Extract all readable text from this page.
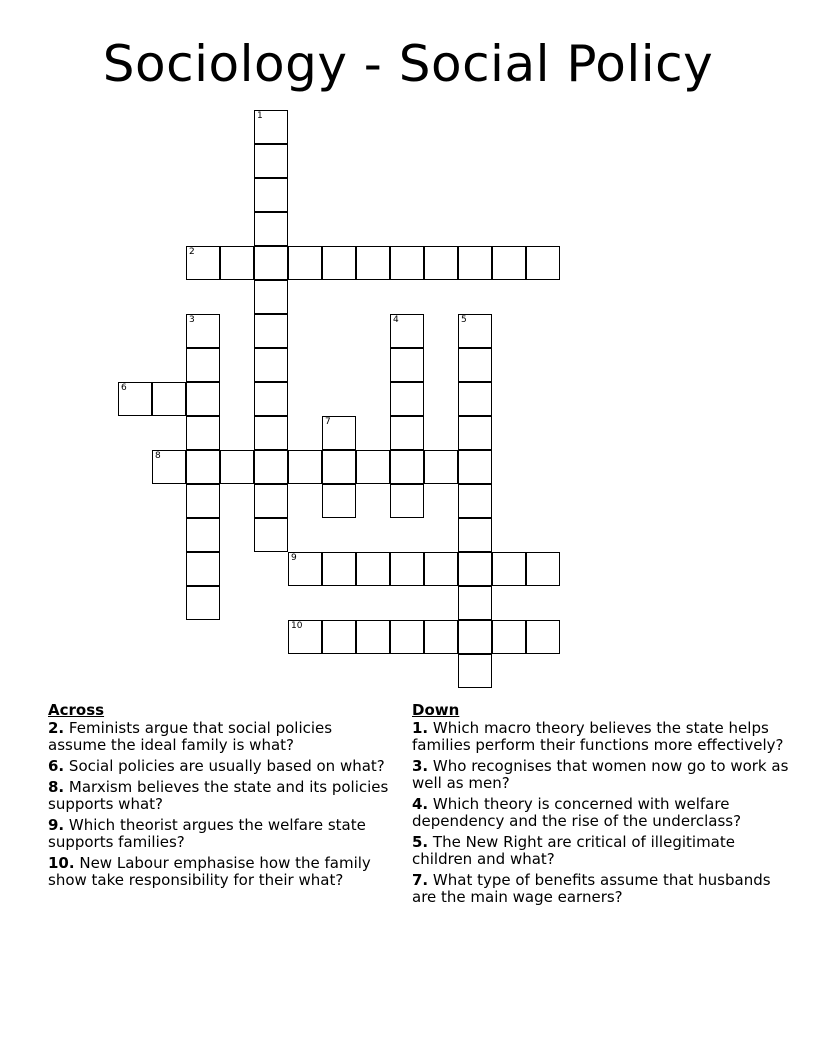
Sociology - Social Policy
1
2
3	4	5
6
7
8
9
10
Across
2. Feminists argue that social policies assume the ideal family is what?
6. Social policies are usually based on what?
8. Marxism believes the state and its policies supports what?
9. Which theorist argues the welfare state supports families?
10. New Labour emphasise how the family show take responsibility for their what?
Down
1. Which macro theory believes the state helps families perform their functions more effectively?
3. Who recognises that women now go to work as well as men?
4. Which theory is concerned with welfare dependency and the rise of the underclass?
5. The New Right are critical of illegitimate children and what?
7. What type of benefits assume that husbands are the main wage earners?
